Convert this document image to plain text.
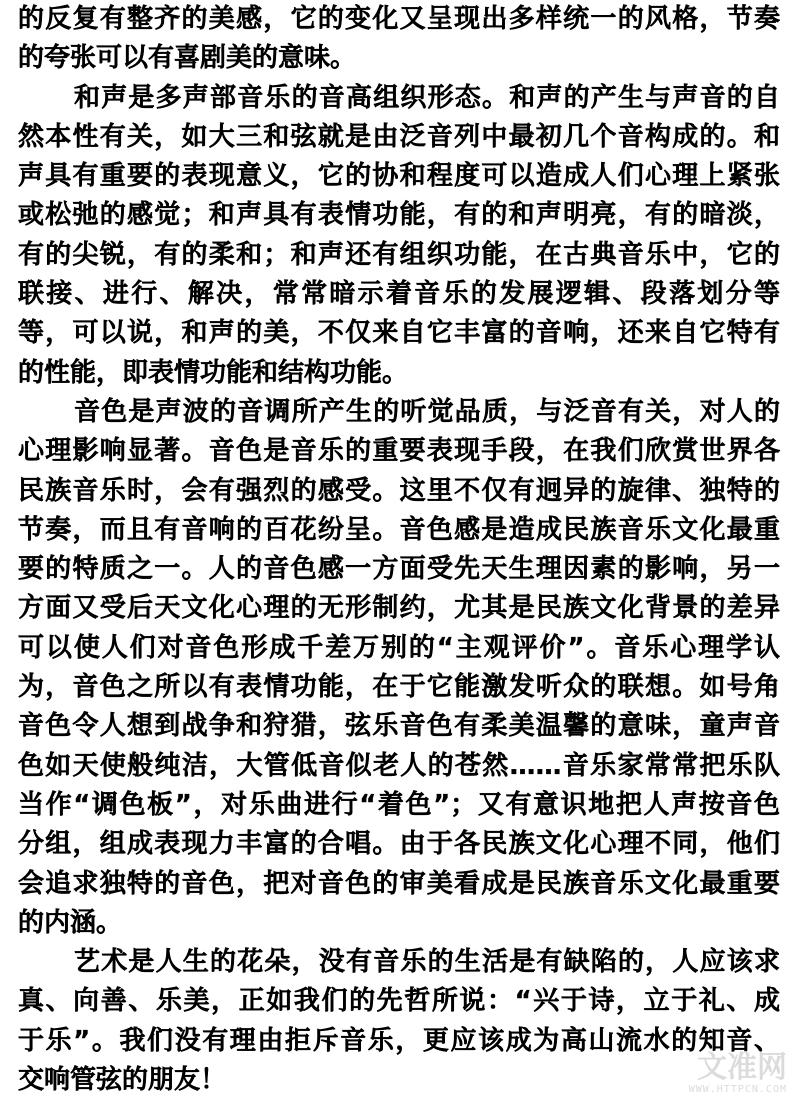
的反复有整齐的美感，它的变化又呈现出多样统一的风格，节奏
的夸张可以有喜剧美的意味。
和声是多声部音乐的音高组织形态。和声的产生与声音的自
然本性有关，如大三和弦就是由泛音列中最初几个音构成的。和
声具有重要的表现意义，它的协和程度可以造成人们心理上紧张
或松弛的感觉；和声具有表情功能，有的和声明亮，有的暗淡，
有的尖锐，有的柔和；和声还有组织功能，在古典音乐中，它的
联接、进行、解决，常常暗示着音乐的发展逻辑、段落划分等
等，可以说，和声的美，不仅来自它丰富的音响，还来自它特有
的性能，即表情功能和结构功能。
音色是声波的音调所产生的听觉品质，与泛音有关，对人的
心理影响显著。音色是音乐的重要表现手段，在我们欣赏世界各
民族音乐时，会有强烈的感受。这里不仅有迥异的旋律、独特的
节奏，而且有音响的百花纷呈。音色感是造成民族音乐文化最重
要的特质之一。人的音色感一方面受先天生理因素的影响，另一
方面又受后天文化心理的无形制约，尤其是民族文化背景的差异
可以使人们对音色形成千差万别的“主观评价”。音乐心理学认
为，音色之所以有表情功能，在于它能激发听众的联想。如号角
音色令人想到战争和狩猎，弦乐音色有柔美温馨的意味，童声音
色如天使般纯洁，大管低音似老人的苍然……音乐家常常把乐队
当作“调色板”，对乐曲进行“着色”；又有意识地把人声按音色
分组，组成表现力丰富的合唱。由于各民族文化心理不同，他们
会追求独特的音色，把对音色的审美看成是民族音乐文化最重要
的内涵。
艺术是人生的花朵，没有音乐的生活是有缺陷的，人应该求
真、向善、乐美，正如我们的先哲所说：“兴于诗，立于礼、成
于乐”。我们没有理由拒斥音乐，更应该成为高山流水的知音、
交响管弦的朋友！	文准网
WWW.HTTPCN.COM
